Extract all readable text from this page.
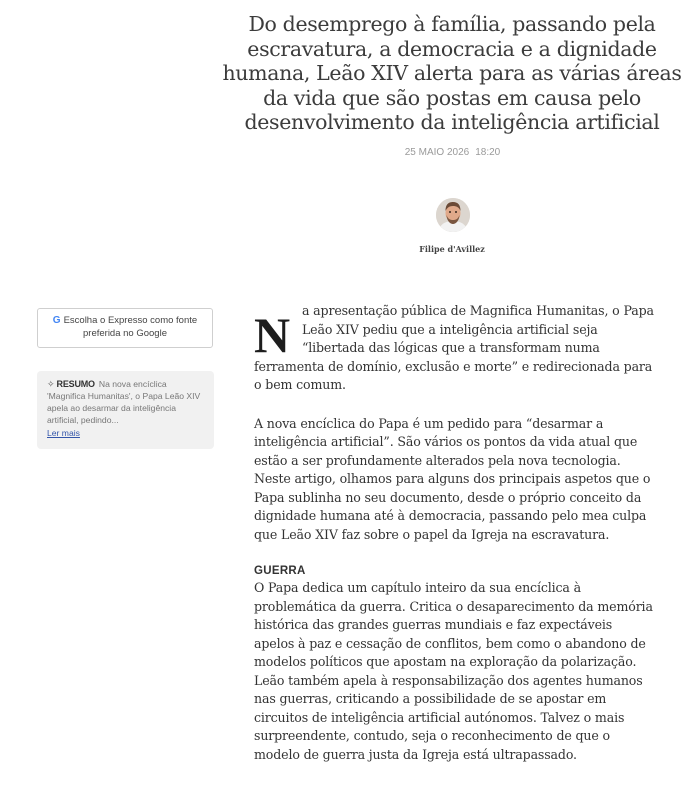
Do desemprego à família, passando pela escravatura, a democracia e a dignidade humana, Leão XIV alerta para as várias áreas da vida que são postas em causa pelo desenvolvimento da inteligência artificial
25 MAIO 2026 18:20
Filipe d'Avillez
G Escolha o Expresso como fonte preferida no Google
✧ RESUMO Na nova encíclica 'Magnifica Humanitas', o Papa Leão XIV apela ao desarmar da inteligência artificial, pedindo...
Ler mais

Na apresentação pública de Magnifica Humanitas, o Papa Leão XIV pediu que a inteligência artificial seja “libertada das lógicas que a transformam numa ferramenta de domínio, exclusão e morte” e redirecionada para o bem comum.

A nova encíclica do Papa é um pedido para “desarmar a inteligência artificial”. São vários os pontos da vida atual que estão a ser profundamente alterados pela nova tecnologia. Neste artigo, olhamos para alguns dos principais aspetos que o Papa sublinha no seu documento, desde o próprio conceito da dignidade humana até à democracia, passando pelo mea culpa que Leão XIV faz sobre o papel da Igreja na escravatura.

GUERRA

O Papa dedica um capítulo inteiro da sua encíclica à problemática da guerra. Critica o desaparecimento da memória histórica das grandes guerras mundiais e faz expectáveis apelos à paz e cessação de conflitos, bem como o abandono de modelos políticos que apostam na exploração da polarização. Leão também apela à responsabilização dos agentes humanos nas guerras, criticando a possibilidade de se apostar em circuitos de inteligência artificial autónomos. Talvez o mais surpreendente, contudo, seja o reconhecimento de que o modelo de guerra justa da Igreja está ultrapassado.
